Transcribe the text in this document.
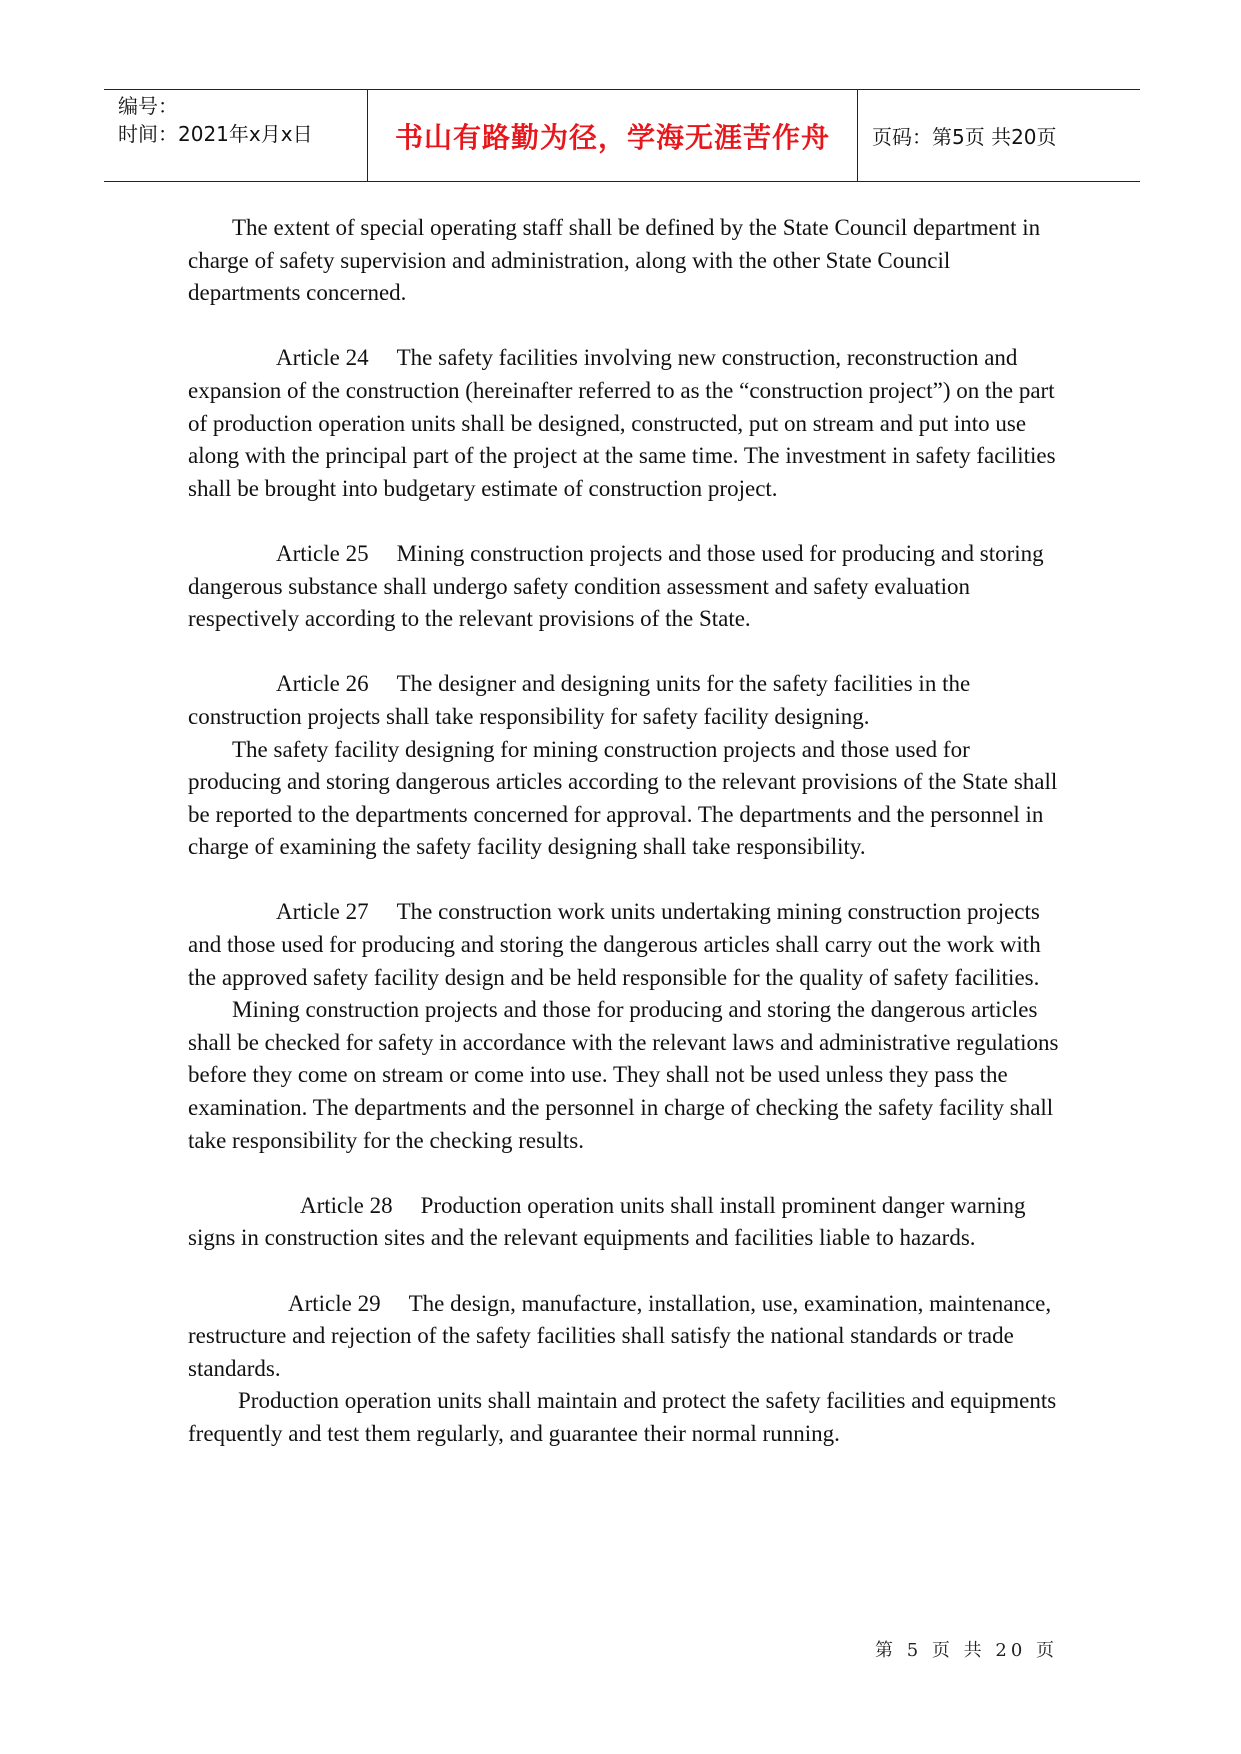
编号：
时间：2021年x月x日	书山有路勤为径，学海无涯苦作舟	页码：第5页 共20页

The extent of special operating staff shall be defined by the State Council department in charge of safety supervision and administration, along with the other State Council departments concerned.

Article 24 The safety facilities involving new construction, reconstruction and expansion of the construction (hereinafter referred to as the “construction project”) on the part of production operation units shall be designed, constructed, put on stream and put into use along with the principal part of the project at the same time. The investment in safety facilities shall be brought into budgetary estimate of construction project.

Article 25 Mining construction projects and those used for producing and storing dangerous substance shall undergo safety condition assessment and safety evaluation respectively according to the relevant provisions of the State.

Article 26 The designer and designing units for the safety facilities in the construction projects shall take responsibility for safety facility designing.

The safety facility designing for mining construction projects and those used for producing and storing dangerous articles according to the relevant provisions of the State shall be reported to the departments concerned for approval. The departments and the personnel in charge of examining the safety facility designing shall take responsibility.

Article 27 The construction work units undertaking mining construction projects and those used for producing and storing the dangerous articles shall carry out the work with the approved safety facility design and be held responsible for the quality of safety facilities.

Mining construction projects and those for producing and storing the dangerous articles shall be checked for safety in accordance with the relevant laws and administrative regulations before they come on stream or come into use. They shall not be used unless they pass the examination. The departments and the personnel in charge of checking the safety facility shall take responsibility for the checking results.

Article 28 Production operation units shall install prominent danger warning signs in construction sites and the relevant equipments and facilities liable to hazards.

Article 29 The design, manufacture, installation, use, examination, maintenance, restructure and rejection of the safety facilities shall satisfy the national standards or trade standards.

Production operation units shall maintain and protect the safety facilities and equipments frequently and test them regularly, and guarantee their normal running.

第 5 页 共 20 页
